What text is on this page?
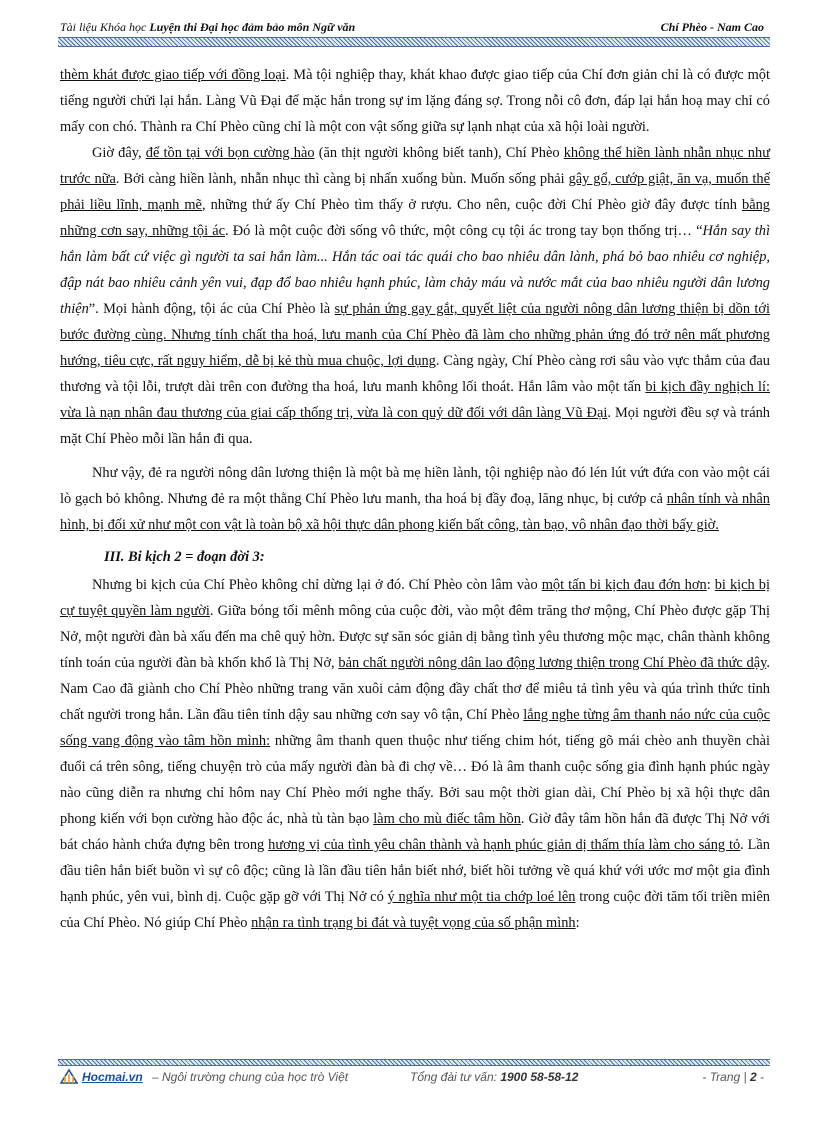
Tài liệu Khóa học Luyện thi Đại học đảm bảo môn Ngữ văn	Chí Phèo - Nam Cao

thèm khát được giao tiếp với đồng loại. Mà tội nghiệp thay, khát khao được giao tiếp của Chí đơn giản chỉ là có được một tiếng người chửi lại hắn. Làng Vũ Đại để mặc hắn trong sự im lặng đáng sợ. Trong nỗi cô đơn, đáp lại hắn hoạ may chỉ có mấy con chó. Thành ra Chí Phèo cũng chỉ là một con vật sống giữa sự lạnh nhạt của xã hội loài người.

Giờ đây, để tồn tại với bọn cường hào (ăn thịt người không biết tanh), Chí Phèo không thể hiền lành nhẫn nhục như trước nữa. Bởi càng hiền lành, nhẫn nhục thì càng bị nhấn xuống bùn. Muốn sống phải gây gổ, cướp giật, ăn vạ, muốn thế phải liều lĩnh, mạnh mẽ, những thứ ấy Chí Phèo tìm thấy ở rượu. Cho nên, cuộc đời Chí Phèo giờ đây được tính bằng những cơn say, những tội ác. Đó là một cuộc đời sống vô thức, một công cụ tội ác trong tay bọn thống trị… “Hắn say thì hắn làm bất cứ việc gì người ta sai hắn làm... Hắn tác oai tác quái cho bao nhiêu dân lành, phá bỏ bao nhiêu cơ nghiệp, đập nát bao nhiêu cảnh yên vui, đạp đổ bao nhiêu hạnh phúc, làm chảy máu và nước mắt của bao nhiêu người dân lương thiện”. Mọi hành động, tội ác của Chí Phèo là sự phản ứng gay gắt, quyết liệt của người nông dân lương thiện bị dồn tới bước đường cùng. Nhưng tính chất tha hoá, lưu manh của Chí Phèo đã làm cho những phản ứng đó trở nên mất phương hướng, tiêu cực, rất nguy hiểm, dễ bị kẻ thù mua chuộc, lợi dụng. Càng ngày, Chí Phèo càng rơi sâu vào vực thẳm của đau thương và tội lỗi, trượt dài trên con đường tha hoá, lưu manh không lối thoát. Hắn lâm vào một tấn bi kịch đầy nghịch lí: vừa là nạn nhân đau thương của giai cấp thống trị, vừa là con quỷ dữ đối với dân làng Vũ Đại. Mọi người đều sợ và tránh mặt Chí Phèo mỗi lần hắn đi qua.

Như vậy, đẻ ra người nông dân lương thiện là một bà mẹ hiền lành, tội nghiệp nào đó lén lút vứt đứa con vào một cái lò gạch bỏ không. Nhưng đẻ ra một thằng Chí Phèo lưu manh, tha hoá bị đầy đoạ, lăng nhục, bị cướp cả nhân tính và nhân hình, bị đối xử như một con vật là toàn bộ xã hội thực dân phong kiến bất công, tàn bạo, vô nhân đạo thời bấy giờ.

III. Bi kịch 2 = đoạn đời 3:

Nhưng bi kịch của Chí Phèo không chỉ dừng lại ở đó. Chí Phèo còn lâm vào một tấn bi kịch đau đớn hơn: bi kịch bị cự tuyệt quyền làm người. Giữa bóng tối mênh mông của cuộc đời, vào một đêm trăng thơ mộng, Chí Phèo được gặp Thị Nở, một người đàn bà xấu đến ma chê quỷ hờn. Được sự săn sóc giản dị bằng tình yêu thương mộc mạc, chân thành không tính toán của người đàn bà khốn khổ là Thị Nở, bản chất người nông dân lao động lương thiện trong Chí Phèo đã thức dậy. Nam Cao đã giành cho Chí Phèo những trang văn xuôi cảm động đầy chất thơ để miêu tả tình yêu và qúa trình thức tỉnh chất người trong hắn. Lần đầu tiên tỉnh dậy sau những cơn say vô tận, Chí Phèo lắng nghe từng âm thanh náo nức của cuộc sống vang động vào tâm hồn mình: những âm thanh quen thuộc như tiếng chim hót, tiếng gõ mái chèo anh thuyền chài đuổi cá trên sông, tiếng chuyện trò của mấy người đàn bà đi chợ về… Đó là âm thanh cuộc sống gia đình hạnh phúc ngày nào cũng diễn ra nhưng chỉ hôm nay Chí Phèo mới nghe thấy. Bởi sau một thời gian dài, Chí Phèo bị xã hội thực dân phong kiến với bọn cường hào độc ác, nhà tù tàn bạo làm cho mù điếc tâm hồn. Giờ đây tâm hồn hắn đã được Thị Nở với bát cháo hành chứa đựng bên trong hương vị của tình yêu chân thành và hạnh phúc giản dị thấm thía làm cho sáng tỏ. Lần đầu tiên hắn biết buồn vì sự cô độc; cũng là lần đầu tiên hắn biết nhớ, biết hồi tưởng về quá khứ với ước mơ một gia đình hạnh phúc, yên vui, bình dị. Cuộc gặp gỡ với Thị Nở có ý nghĩa như một tia chớp loé lên trong cuộc đời tăm tối triền miên của Chí Phèo. Nó giúp Chí Phèo nhận ra tình trạng bi đát và tuyệt vọng của số phận mình:

Hocmai.vn – Ngôi trường chung của học trò Việt	Tổng đài tư vấn: 1900 58-58-12	- Trang | 2 -
